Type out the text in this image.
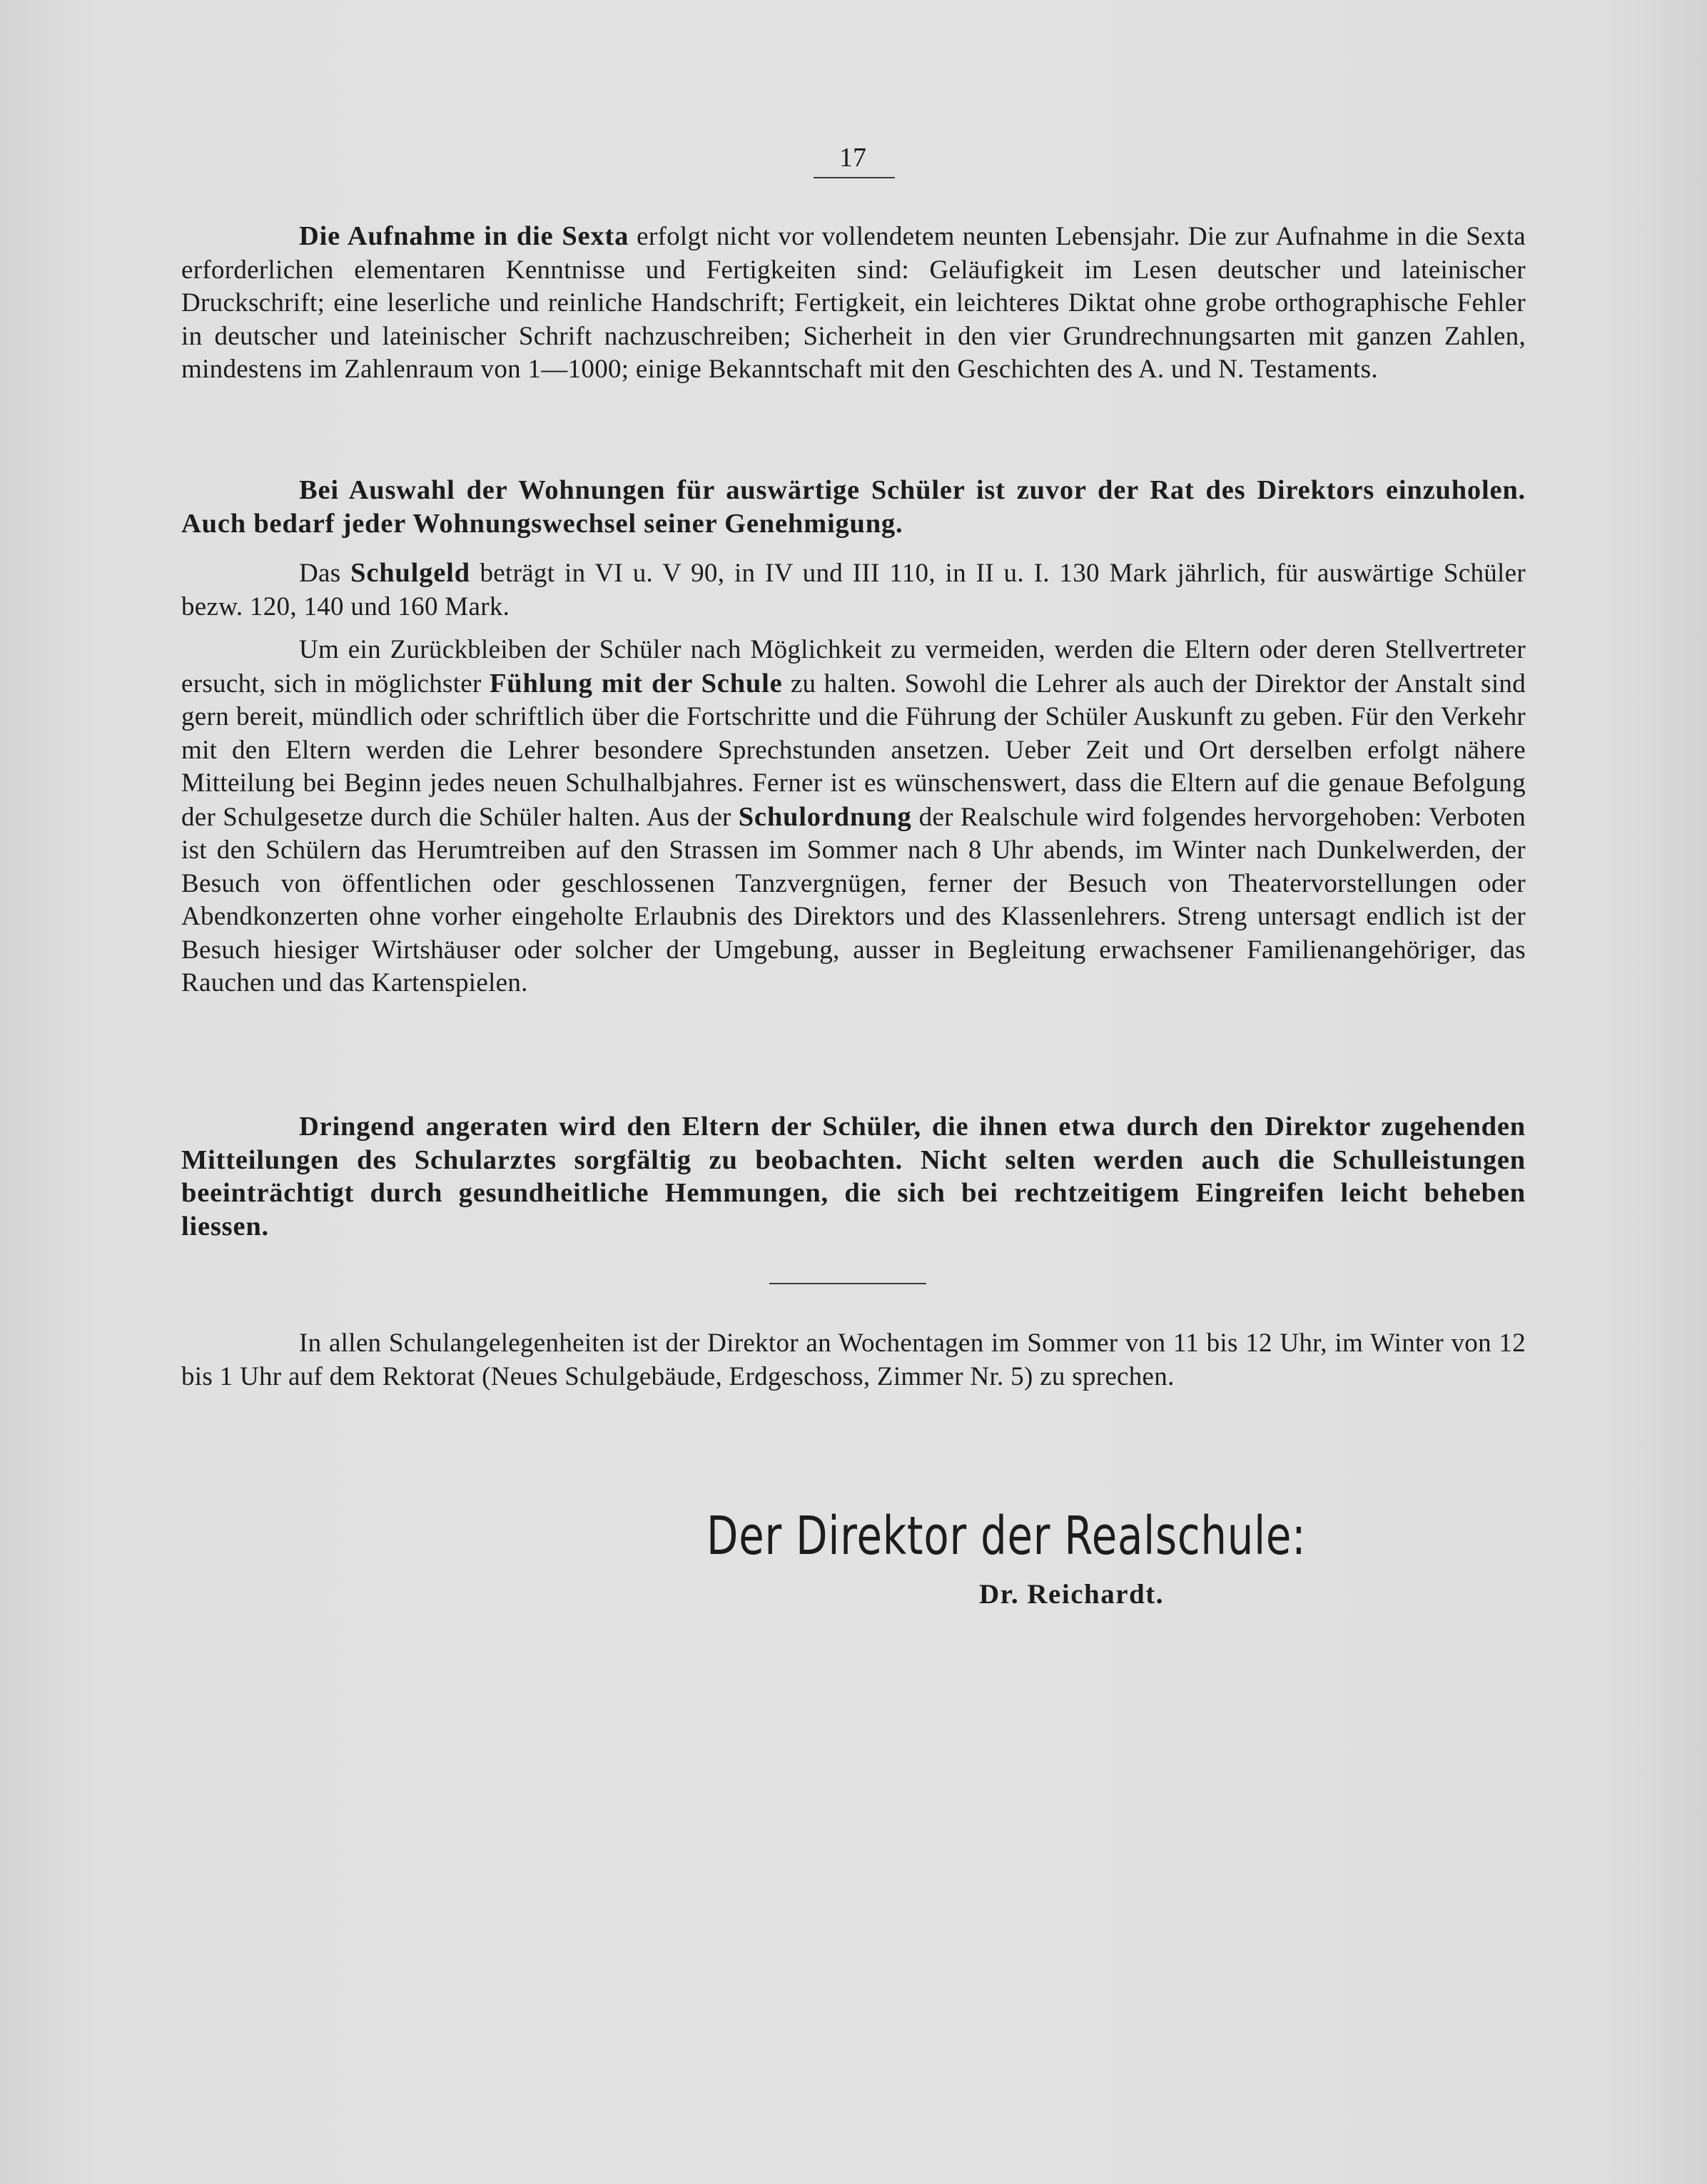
17

Die Aufnahme in die Sexta erfolgt nicht vor vollendetem neunten Lebensjahr. Die zur Aufnahme in die Sexta erforderlichen elementaren Kenntnisse und Fertigkeiten sind: Geläufigkeit im Lesen deutscher und lateinischer Druckschrift; eine leserliche und reinliche Handschrift; Fertigkeit, ein leichteres Diktat ohne grobe orthographische Fehler in deutscher und lateinischer Schrift nachzuschreiben; Sicherheit in den vier Grundrechnungsarten mit ganzen Zahlen, mindestens im Zahlenraum von 1—1000; einige Bekanntschaft mit den Geschichten des A. und N. Testaments.

Bei Auswahl der Wohnungen für auswärtige Schüler ist zuvor der Rat des Direktors einzuholen. Auch bedarf jeder Wohnungswechsel seiner Genehmigung.

Das Schulgeld beträgt in VI u. V 90, in IV und III 110, in II u. I. 130 Mark jährlich, für auswärtige Schüler bezw. 120, 140 und 160 Mark.

Um ein Zurückbleiben der Schüler nach Möglichkeit zu vermeiden, werden die Eltern oder deren Stellvertreter ersucht, sich in möglichster Fühlung mit der Schule zu halten. Sowohl die Lehrer als auch der Direktor der Anstalt sind gern bereit, mündlich oder schriftlich über die Fortschritte und die Führung der Schüler Auskunft zu geben. Für den Verkehr mit den Eltern werden die Lehrer besondere Sprechstunden ansetzen. Ueber Zeit und Ort derselben erfolgt nähere Mitteilung bei Beginn jedes neuen Schulhalbjahres. Ferner ist es wünschenswert, dass die Eltern auf die genaue Befolgung der Schulgesetze durch die Schüler halten. Aus der Schulordnung der Realschule wird folgendes hervorgehoben: Verboten ist den Schülern das Herumtreiben auf den Strassen im Sommer nach 8 Uhr abends, im Winter nach Dunkelwerden, der Besuch von öffentlichen oder geschlossenen Tanzvergnügen, ferner der Besuch von Theatervorstellungen oder Abendkonzerten ohne vorher eingeholte Erlaubnis des Direktors und des Klassenlehrers. Streng untersagt endlich ist der Besuch hiesiger Wirtshäuser oder solcher der Umgebung, ausser in Begleitung erwachsener Familienangehöriger, das Rauchen und das Kartenspielen.

Dringend angeraten wird den Eltern der Schüler, die ihnen etwa durch den Direktor zugehenden Mitteilungen des Schularztes sorgfältig zu beobachten. Nicht selten werden auch die Schulleistungen beeinträchtigt durch gesundheitliche Hemmungen, die sich bei rechtzeitigem Eingreifen leicht beheben liessen.

In allen Schulangelegenheiten ist der Direktor an Wochentagen im Sommer von 11 bis 12 Uhr, im Winter von 12 bis 1 Uhr auf dem Rektorat (Neues Schulgebäude, Erdgeschoss, Zimmer Nr. 5) zu sprechen.

Der Direktor der Realschule:
Dr. Reichardt.
